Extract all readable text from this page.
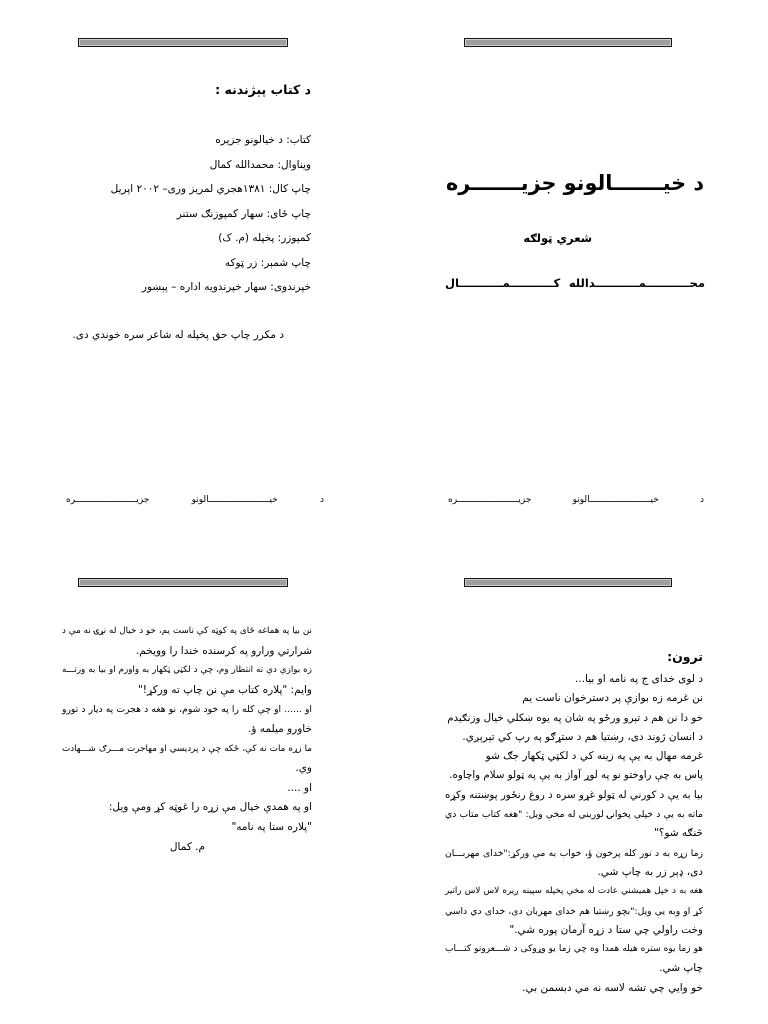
د کتاب پېژندنه :
کتاب: د خيالونو جزيره
ويناوال: محمدالله کمال
چاپ کال: ۱۳۸۱هجري لمريز وری– ۲۰۰۲ اپريل
چاپ ځای: سهار کمپوزنګ ستنر
کمپوزر: پخپله (م. ک)
چاپ شمېر: زر ټوکه
خپرندوی: سهار خپرندويه اداره – پېښور
د مکرر چاپ حق پخپله له شاعر سره خوندي دی.
د خيـــــــــــــــــــــــالونو جزيـــــــــــــــــــــــره
د خيـــــــالونو جزيـــــــره
شعري ټولګه
محـــــــــــمـــــــــــدالله کـــــــــــمـــــــــــال
د خيـــــــــــــــــــــــالونو جزيـــــــــــــــــــــــره
نن بيا په هماغه ځای په کوټه کې ناست يم، خو د خيال له نړۍ نه مې د
شرارتي ورارو په کرسنده خندا را وويخم.
زه بوازې دې ته انتظار وم، چې د لکټي ټکهار به واورم او بيا به ورتـــه
وايم: "پلاره کتاب مې نن چاپ ته ورکړ!"
او ...... او چې کله را په خود شوم، نو هغه د هجرت په ديار د تورو
خاورو ميلمه ؤ.
ما زړه مات نه کې، ځکه چې د پرديسي او مهاجرت مـــرګ شـــهادت
وي.
او ....
او په همدې خيال مې زړه را غوټه کړ ومې ويل:
"پلاره ستا په نامه"
م. کمال
ترون:
د لوی خدای ج په نامه او بيا...
نن غرمه زه بوازې پر دسترخوان ناست يم
خو دا نن هم د تېرو ورځو په شان په يوه ښکلي خيال وزنګيدم
د انسان ژوند دی، رښتيا هم د ستړګو په رپ کي تېرېږي.
غرمه مهال به يې په زينه کي د لکټي ټکهار جګ شو
پاس به چې راوختو نو په لوړ آواز به يې په ټولو سلام واچاوه.
بيا به يې د کورني له ټولو غړو سره د روغ رنځور پوښتنه وکړه
ماته به يې د خپلې پخوانۍ لوريني له مخې ويل: "هغه کتاب متاب دي
څنګه شو؟"
زما زړه به د نور کله پرخون ؤ، خواب به مې ورکړ:"خدای مهربـــان
دی، ډېر زر به چاپ شي.
هغه به د خپل هميشني عادت له مخې پخپله سپينه ږيره لاس لاس راتير
کړ او وبه يې ويل:"بچو رښتيا هم خدای مهربان دی، خدای دي داسي
وخت راولي چي ستا د زړه آرمان پوره شي."
هو زما يوه ستره هيله همدا وه چي زما يو وړوکی د شـــعرونو کتـــاب
چاپ شي.
خو وايي چي تشه لاسه نه مي دبسمن بي.
